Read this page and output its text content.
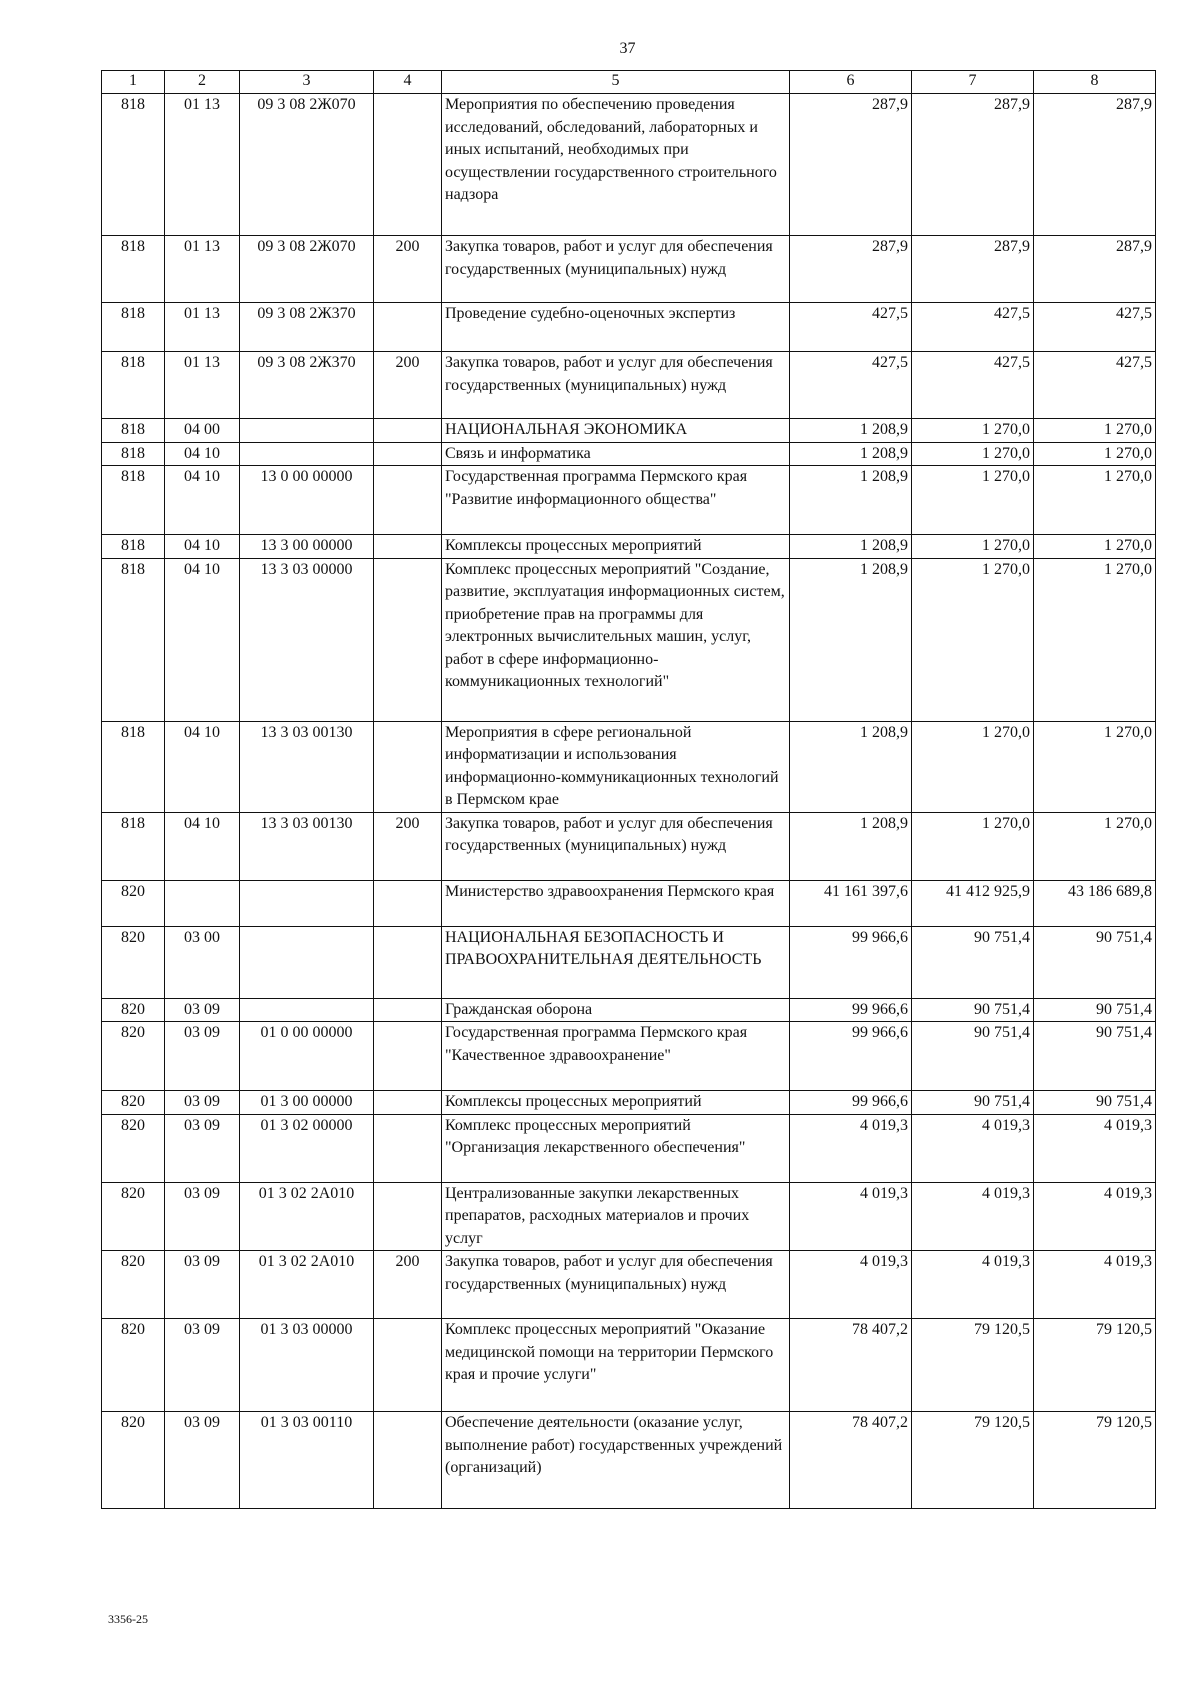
37
1	2	3	4	5	6	7	8
818	01 13	09 3 08 2Ж070		Мероприятия по обеспечению проведения исследований, обследований, лабораторных и иных испытаний, необходимых при осуществлении государственного строительного надзора	287,9	287,9	287,9
818	01 13	09 3 08 2Ж070	200	Закупка товаров, работ и услуг для обеспечения государственных (муниципальных) нужд	287,9	287,9	287,9
818	01 13	09 3 08 2Ж370		Проведение судебно-оценочных экспертиз	427,5	427,5	427,5
818	01 13	09 3 08 2Ж370	200	Закупка товаров, работ и услуг для обеспечения государственных (муниципальных) нужд	427,5	427,5	427,5
818	04 00			НАЦИОНАЛЬНАЯ ЭКОНОМИКА	1 208,9	1 270,0	1 270,0
818	04 10			Связь и информатика	1 208,9	1 270,0	1 270,0
818	04 10	13 0 00 00000		Государственная программа Пермского края "Развитие информационного общества"	1 208,9	1 270,0	1 270,0
818	04 10	13 3 00 00000		Комплексы процессных мероприятий	1 208,9	1 270,0	1 270,0
818	04 10	13 3 03 00000		Комплекс процессных мероприятий "Создание, развитие, эксплуатация информационных систем, приобретение прав на программы для электронных вычислительных машин, услуг, работ в сфере информационно-коммуникационных технологий"	1 208,9	1 270,0	1 270,0
818	04 10	13 3 03 00130		Мероприятия в сфере региональной информатизации и использования информационно-коммуникационных технологий в Пермском крае	1 208,9	1 270,0	1 270,0
818	04 10	13 3 03 00130	200	Закупка товаров, работ и услуг для обеспечения государственных (муниципальных) нужд	1 208,9	1 270,0	1 270,0
820				Министерство здравоохранения Пермского края	41 161 397,6	41 412 925,9	43 186 689,8
820	03 00			НАЦИОНАЛЬНАЯ БЕЗОПАСНОСТЬ И ПРАВООХРАНИТЕЛЬНАЯ ДЕЯТЕЛЬНОСТЬ	99 966,6	90 751,4	90 751,4
820	03 09			Гражданская оборона	99 966,6	90 751,4	90 751,4
820	03 09	01 0 00 00000		Государственная программа Пермского края "Качественное здравоохранение"	99 966,6	90 751,4	90 751,4
820	03 09	01 3 00 00000		Комплексы процессных мероприятий	99 966,6	90 751,4	90 751,4
820	03 09	01 3 02 00000		Комплекс процессных мероприятий "Организация лекарственного обеспечения"	4 019,3	4 019,3	4 019,3
820	03 09	01 3 02 2А010		Централизованные закупки лекарственных препаратов, расходных материалов и прочих услуг	4 019,3	4 019,3	4 019,3
820	03 09	01 3 02 2А010	200	Закупка товаров, работ и услуг для обеспечения государственных (муниципальных) нужд	4 019,3	4 019,3	4 019,3
820	03 09	01 3 03 00000		Комплекс процессных мероприятий "Оказание медицинской помощи на территории Пермского края и прочие услуги"	78 407,2	79 120,5	79 120,5
820	03 09	01 3 03 00110		Обеспечение деятельности (оказание услуг, выполнение работ) государственных учреждений (организаций)	78 407,2	79 120,5	79 120,5
3356-25
